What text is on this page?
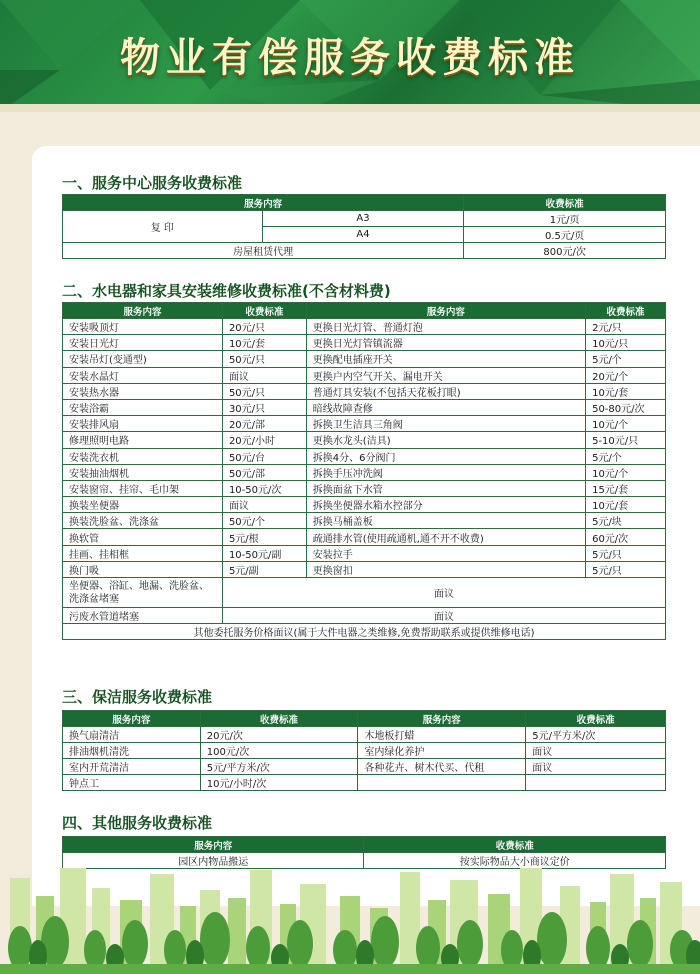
物业有偿服务收费标准
一、服务中心服务收费标准
服务内容		收费标准
复 印	A3	1元/页
	A4	0.5元/页
房屋租赁代理		800元/次
二、水电器和家具安装维修收费标准(不含材料费)
服务内容	收费标准	服务内容	收费标准
安装吸顶灯	20元/只	更换日光灯管、普通灯泡	2元/只
安装日光灯	10元/套	更换日光灯管镇流器	10元/只
安装吊灯(变通型)	50元/只	更换配电插座开关	5元/个
安装水晶灯	面议	更换户内空气开关、漏电开关	20元/个
安装热水器	50元/只	普通灯具安装(不包括天花板打眼)	10元/套
安装浴霸	30元/只	暗线故障查修	50-80元/次
安装排风扇	20元/部	拆换卫生洁具三角阀	10元/个
修理照明电路	20元/小时	更换水龙头(洁具)	5-10元/只
安装洗衣机	50元/台	拆换4分、6分阀门	5元/个
安装抽油烟机	50元/部	拆换手压冲洗阀	10元/个
安装窗帘、挂帘、毛巾架	10-50元/次	拆换面盆下水管	15元/套
换装坐便器	面议	拆换坐便器水箱水控部分	10元/套
换装洗脸盆、洗涤盆	50元/个	拆换马桶盖板	5元/块
换软管	5元/根	疏通排水管(使用疏通机,通不开不收费)	60元/次
挂画、挂相框	10-50元/副	安装拉手	5元/只
换门吸	5元/副	更换窗扣	5元/只
坐便器、浴缸、地漏、洗脸盆、
洗涤盆堵塞	面议		
污废水管道堵塞	面议		
其他委托服务价格面议(属于大件电器之类维修,免费帮助联系或提供维修电话)			
三、保洁服务收费标准
服务内容	收费标准	服务内容	收费标准
换气扇清洁	20元/次	木地板打蜡	5元/平方米/次
排油烟机清洗	100元/次	室内绿化养护	面议
室内开荒清洁	5元/平方米/次	各种花卉、树木代买、代租	面议
钟点工	10元/小时/次		
四、其他服务收费标准
服务内容	收费标准
园区内物品搬运	按实际物品大小商议定价
